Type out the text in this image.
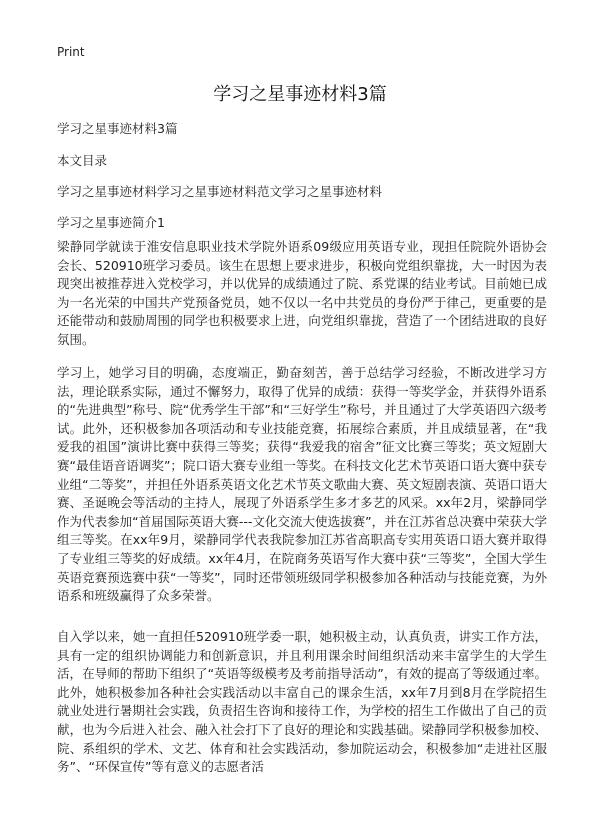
Print
学习之星事迹材料3篇
学习之星事迹材料3篇
本文目录
学习之星事迹材料学习之星事迹材料范文学习之星事迹材料
学习之星事迹简介1

梁静同学就读于淮安信息职业技术学院外语系09级应用英语专业，现担任院院外语协会会长、520910班学习委员。该生在思想上要求进步，积极向党组织靠拢，大一时因为表现突出被推荐进入党校学习，并以优异的成绩通过了院、系党课的结业考试。目前她已成为一名光荣的中国共产党预备党员，她不仅以一名中共党员的身份严于律己，更重要的是还能带动和鼓励周围的同学也积极要求上进，向党组织靠拢，营造了一个团结进取的良好氛围。

学习上，她学习目的明确，态度端正，勤奋刻苦，善于总结学习经验，不断改进学习方法，理论联系实际，通过不懈努力，取得了优异的成绩：获得一等奖学金，并获得外语系的“先进典型”称号、院“优秀学生干部”和“三好学生”称号，并且通过了大学英语四六级考试。此外，还积极参加各项活动和专业技能竞赛，拓展综合素质，并且成绩显著，在“我爱我的祖国”演讲比赛中获得三等奖；获得“我爱我的宿舍”征文比赛三等奖；英文短剧大赛“最佳语音语调奖”；院口语大赛专业组一等奖。在科技文化艺术节英语口语大赛中获专业组“二等奖”，并担任外语系英语文化艺术节英文歌曲大赛、英文短剧表演、英语口语大赛、圣诞晚会等活动的主持人，展现了外语系学生多才多艺的风采。xx年2月，梁静同学作为代表参加“首届国际英语大赛---文化交流大使选拔赛”，并在江苏省总决赛中荣获大学组三等奖。在xx年9月，梁静同学代表我院参加江苏省高职高专实用英语口语大赛并取得了专业组三等奖的好成绩。xx年4月，在院商务英语写作大赛中获“三等奖”，全国大学生英语竞赛预选赛中获“一等奖”，同时还带领班级同学积极参加各种活动与技能竞赛，为外语系和班级赢得了众多荣誉。

自入学以来，她一直担任520910班学委一职，她积极主动，认真负责，讲实工作方法，具有一定的组织协调能力和创新意识，并且利用课余时间组织活动来丰富学生的大学生活，在导师的帮助下组织了“英语等级模考及考前指导活动”，有效的提高了等级通过率。此外，她积极参加各种社会实践活动以丰富自己的课余生活，xx年7月到8月在学院招生就业处进行暑期社会实践，负责招生咨询和接待工作，为学校的招生工作做出了自己的贡献，也为今后进入社会、融入社会打下了良好的理论和实践基础。梁静同学积极参加校、院、系组织的学术、文艺、体育和社会实践活动，参加院运动会，积极参加“走进社区服务”、“环保宣传”等有意义的志愿者活
